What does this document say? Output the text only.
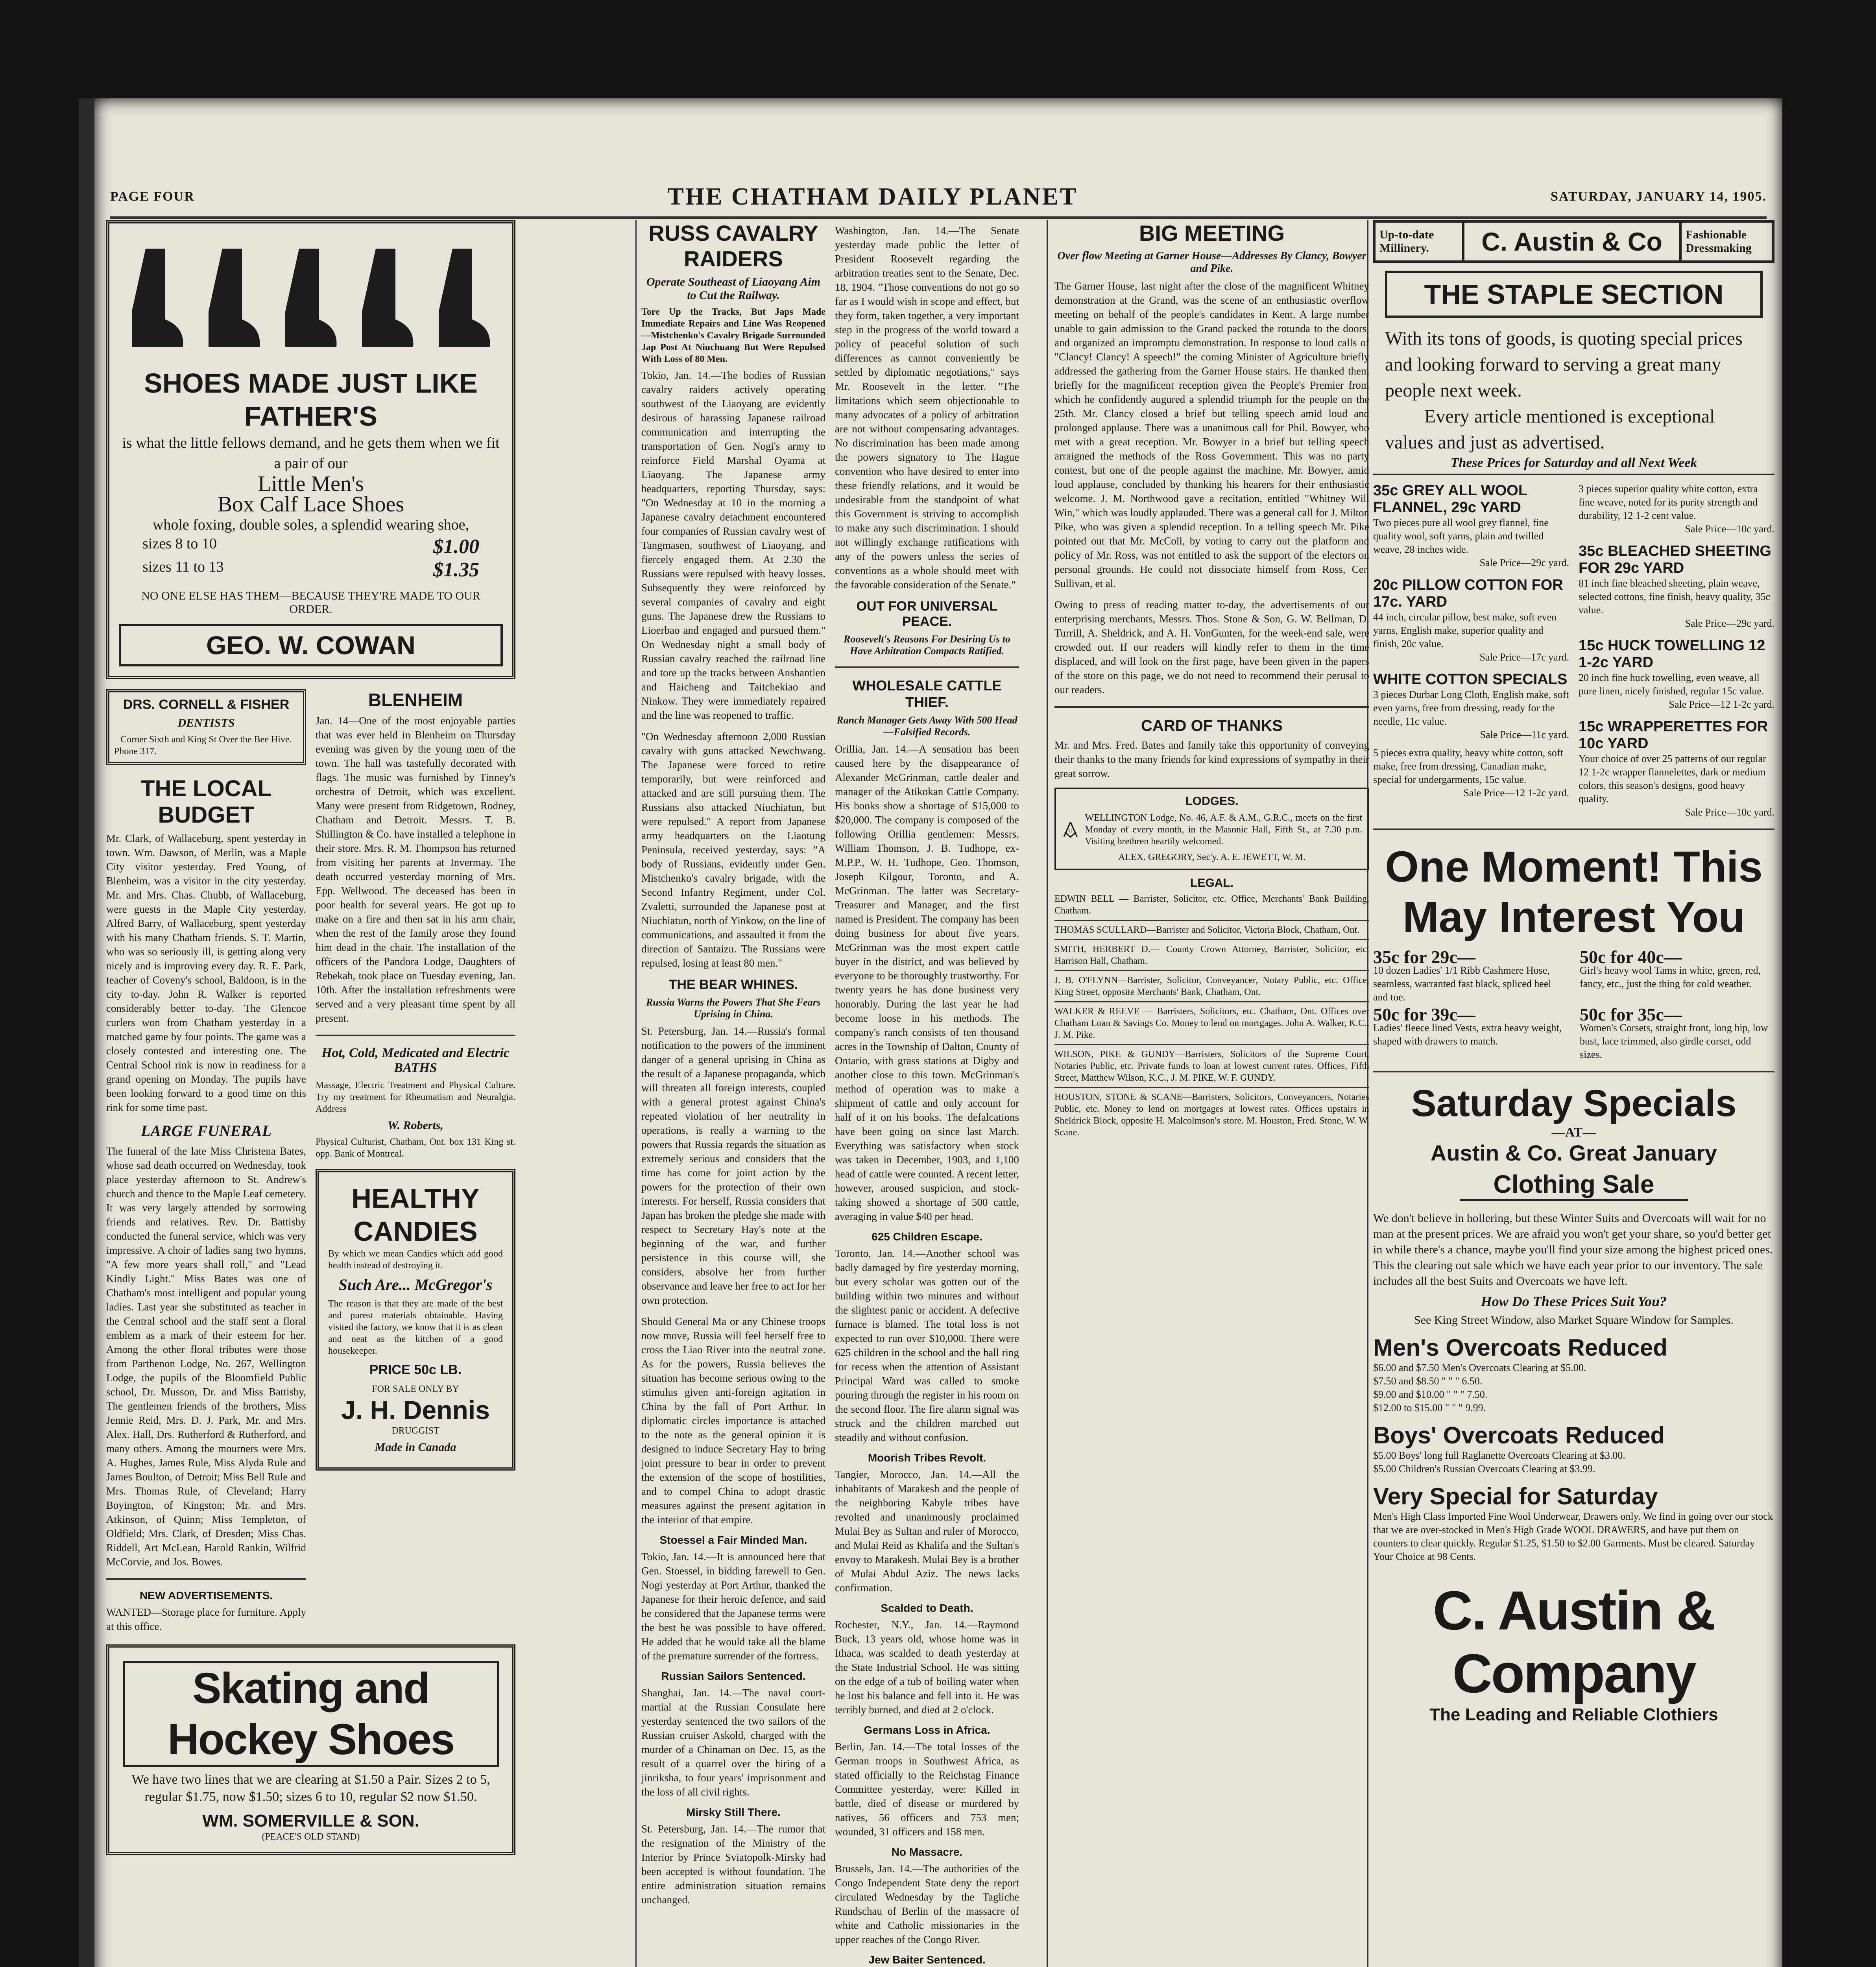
PAGE FOUR	THE CHATHAM DAILY PLANET	SATURDAY, JANUARY 14, 1905.
SHOES MADE JUST LIKE FATHER'S
is what the little fellows demand, and he gets them when we fit a pair of our
Little Men's
Box Calf Lace Shoes
whole foxing, double soles, a splendid wearing shoe,
sizes 8 to 10	$1.00
sizes 11 to 13	$1.35
NO ONE ELSE HAS THEM—BECAUSE THEY'RE MADE TO OUR ORDER.
GEO. W. COWAN
DRS. CORNELL & FISHER
DENTISTS
Corner Sixth and King St Over the Bee Hive.
Phone 317.
THE LOCAL BUDGET
Mr. Clark, of Wallaceburg, spent yesterday in town. Wm. Dawson, of Merlin, was a Maple City visitor yesterday. Fred Young, of Blenheim, was a visitor in the city yesterday. Mr. and Mrs. Chas. Chubb, of Wallaceburg, were guests in the Maple City yesterday. Alfred Barry, of Wallaceburg, spent yesterday with his many Chatham friends. S. T. Martin, who was so seriously ill, is getting along very nicely and is improving every day. R. E. Park, teacher of Coveny's school, Baldoon, is in the city to-day. John R. Walker is reported considerably better to-day. The Glencoe curlers won from Chatham yesterday in a matched game by four points. The game was a closely contested and interesting one. The Central School rink is now in readiness for a grand opening on Monday. The pupils have been looking forward to a good time on this rink for some time past.
LARGE FUNERAL
The funeral of the late Miss Christena Bates, whose sad death occurred on Wednesday, took place yesterday afternoon to St. Andrew's church and thence to the Maple Leaf cemetery. It was very largely attended by sorrowing friends and relatives. Rev. Dr. Battisby conducted the funeral service, which was very impressive. A choir of ladies sang two hymns, "A few more years shall roll," and "Lead Kindly Light." Miss Bates was one of Chatham's most intelligent and popular young ladies. Last year she substituted as teacher in the Central school and the staff sent a floral emblem as a mark of their esteem for her. Among the other floral tributes were those from Parthenon Lodge, No. 267, Wellington Lodge, the pupils of the Bloomfield Public school, Dr. Musson, Dr. and Miss Battisby, The gentlemen friends of the brothers, Miss Jennie Reid, Mrs. D. J. Park, Mr. and Mrs. Alex. Hall, Drs. Rutherford & Rutherford, and many others. Among the mourners were Mrs. A. Hughes, James Rule, Miss Alyda Rule and James Boulton, of Detroit; Miss Bell Rule and Mrs. Thomas Rule, of Cleveland; Harry Boyington, of Kingston; Mr. and Mrs. Atkinson, of Quinn; Miss Templeton, of Oldfield; Mrs. Clark, of Dresden; Miss Chas. Riddell, Art McLean, Harold Rankin, Wilfrid McCorvie, and Jos. Bowes.
NEW ADVERTISEMENTS.
WANTED—Storage place for furniture. Apply at this office.
BLENHEIM
Jan. 14—One of the most enjoyable parties that was ever held in Blenheim on Thursday evening was given by the young men of the town. The hall was tastefully decorated with flags. The music was furnished by Tinney's orchestra of Detroit, which was excellent. Many were present from Ridgetown, Rodney, Chatham and Detroit. Messrs. T. B. Shillington & Co. have installed a telephone in their store. Mrs. R. M. Thompson has returned from visiting her parents at Invermay. The death occurred yesterday morning of Mrs. Epp. Wellwood. The deceased has been in poor health for several years. He got up to make on a fire and then sat in his arm chair, when the rest of the family arose they found him dead in the chair. The installation of the officers of the Pandora Lodge, Daughters of Rebekah, took place on Tuesday evening, Jan. 10th. After the installation refreshments were served and a very pleasant time spent by all present.
Hot, Cold, Medicated and Electric BATHS
Massage, Electric Treatment and Physical Culture. Try my treatment for Rheumatism and Neuralgia. Address
W. Roberts,
Physical Culturist, Chatham, Ont. box 131 King st. opp. Bank of Montreal.
HEALTHY CANDIES
By which we mean Candies which add good health instead of destroying it.
Such Are... McGregor's
The reason is that they are made of the best and purest materials obtainable. Having visited the factory, we know that it is as clean and neat as the kitchen of a good housekeeper.
PRICE 50c LB.
FOR SALE ONLY BY
J. H. Dennis
DRUGGIST
Made in Canada
Skating and Hockey Shoes
We have two lines that we are clearing at $1.50 a Pair. Sizes 2 to 5, regular $1.75, now $1.50; sizes 6 to 10, regular $2 now $1.50.
WM. SOMERVILLE & SON.
(PEACE'S OLD STAND)
RUSS CAVALRY RAIDERS
Operate Southeast of Liaoyang Aim to Cut the Railway.
Tore Up the Tracks, But Japs Made Immediate Repairs and Line Was Reopened—Mistchenko's Cavalry Brigade Surrounded Jap Post At Niuchuang But Were Repulsed With Loss of 80 Men.
Tokio, Jan. 14.—The bodies of Russian cavalry raiders actively operating southwest of the Liaoyang are evidently desirous of harassing Japanese railroad communication and interrupting the transportation of Gen. Nogi's army to reinforce Field Marshal Oyama at Liaoyang. The Japanese army headquarters, reporting Thursday, says: "On Wednesday at 10 in the morning a Japanese cavalry detachment encountered four companies of Russian cavalry west of Tangmasen, southwest of Liaoyang, and fiercely engaged them. At 2.30 the Russians were repulsed with heavy losses. Subsequently they were reinforced by several companies of cavalry and eight guns. The Japanese drew the Russians to Lioerbao and engaged and pursued them." On Wednesday night a small body of Russian cavalry reached the railroad line and tore up the tracks between Anshantien and Haicheng and Taitchekiao and Ninkow. They were immediately repaired and the line was reopened to traffic.
"On Wednesday afternoon 2,000 Russian cavalry with guns attacked Newchwang. The Japanese were forced to retire temporarily, but were reinforced and attacked and are still pursuing them. The Russians also attacked Niuchiatun, but were repulsed." A report from Japanese army headquarters on the Liaotung Peninsula, received yesterday, says: "A body of Russians, evidently under Gen. Mistchenko's cavalry brigade, with the Second Infantry Regiment, under Col. Zvaletti, surrounded the Japanese post at Niuchiatun, north of Yinkow, on the line of communications, and assaulted it from the direction of Santaizu. The Russians were repulsed, losing at least 80 men."
THE BEAR WHINES.
Russia Warns the Powers That She Fears Uprising in China.
St. Petersburg, Jan. 14.—Russia's formal notification to the powers of the imminent danger of a general uprising in China as the result of a Japanese propaganda, which will threaten all foreign interests, coupled with a general protest against China's repeated violation of her neutrality in operations, is really a warning to the powers that Russia regards the situation as extremely serious and considers that the time has come for joint action by the powers for the protection of their own interests. For herself, Russia considers that Japan has broken the pledge she made with respect to Secretary Hay's note at the beginning of the war, and further persistence in this course will, she considers, absolve her from further observance and leave her free to act for her own protection.
Should General Ma or any Chinese troops now move, Russia will feel herself free to cross the Liao River into the neutral zone. As for the powers, Russia believes the situation has become serious owing to the stimulus given anti-foreign agitation in China by the fall of Port Arthur. In diplomatic circles importance is attached to the note as the general opinion it is designed to induce Secretary Hay to bring joint pressure to bear in order to prevent the extension of the scope of hostilities, and to compel China to adopt drastic measures against the present agitation in the interior of that empire.
Stoessel a Fair Minded Man.
Tokio, Jan. 14.—It is announced here that Gen. Stoessel, in bidding farewell to Gen. Nogi yesterday at Port Arthur, thanked the Japanese for their heroic defence, and said he considered that the Japanese terms were the best he was possible to have offered. He added that he would take all the blame of the premature surrender of the fortress.
Russian Sailors Sentenced.
Shanghai, Jan. 14.—The naval court-martial at the Russian Consulate here yesterday sentenced the two sailors of the Russian cruiser Askold, charged with the murder of a Chinaman on Dec. 15, as the result of a quarrel over the hiring of a jinriksha, to four years' imprisonment and the loss of all civil rights.
Mirsky Still There.
St. Petersburg, Jan. 14.—The rumor that the resignation of the Ministry of the Interior by Prince Sviatopolk-Mirsky had been accepted is without foundation. The entire administration situation remains unchanged.
Washington, Jan. 14.—The Senate yesterday made public the letter of President Roosevelt regarding the arbitration treaties sent to the Senate, Dec. 18, 1904. "Those conventions do not go so far as I would wish in scope and effect, but they form, taken together, a very important step in the progress of the world toward a policy of peaceful solution of such differences as cannot conveniently be settled by diplomatic negotiations," says Mr. Roosevelt in the letter. "The limitations which seem objectionable to many advocates of a policy of arbitration are not without compensating advantages. No discrimination has been made among the powers signatory to The Hague convention who have desired to enter into these friendly relations, and it would be undesirable from the standpoint of what this Government is striving to accomplish to make any such discrimination. I should not willingly exchange ratifications with any of the powers unless the series of conventions as a whole should meet with the favorable consideration of the Senate."
OUT FOR UNIVERSAL PEACE.
Roosevelt's Reasons For Desiring Us to Have Arbitration Compacts Ratified.
WHOLESALE CATTLE THIEF.
Ranch Manager Gets Away With 500 Head—Falsified Records.
Orillia, Jan. 14.—A sensation has been caused here by the disappearance of Alexander McGrinman, cattle dealer and manager of the Atikokan Cattle Company. His books show a shortage of $15,000 to $20,000. The company is composed of the following Orillia gentlemen: Messrs. William Thomson, J. B. Tudhope, ex-M.P.P., W. H. Tudhope, Geo. Thomson, Joseph Kilgour, Toronto, and A. McGrinman. The latter was Secretary-Treasurer and Manager, and the first named is President. The company has been doing business for about five years. McGrinman was the most expert cattle buyer in the district, and was believed by everyone to be thoroughly trustworthy. For twenty years he has done business very honorably. During the last year he had become loose in his methods. The company's ranch consists of ten thousand acres in the Township of Dalton, County of Ontario, with grass stations at Digby and another close to this town. McGrinman's method of operation was to make a shipment of cattle and only account for half of it on his books. The defalcations have been going on since last March. Everything was satisfactory when stock was taken in December, 1903, and 1,100 head of cattle were counted. A recent letter, however, aroused suspicion, and stock-taking showed a shortage of 500 cattle, averaging in value $40 per head.
625 Children Escape.
Toronto, Jan. 14.—Another school was badly damaged by fire yesterday morning, but every scholar was gotten out of the building within two minutes and without the slightest panic or accident. A defective furnace is blamed. The total loss is not expected to run over $10,000. There were 625 children in the school and the hall ring for recess when the attention of Assistant Principal Ward was called to smoke pouring through the register in his room on the second floor. The fire alarm signal was struck and the children marched out steadily and without confusion.
Moorish Tribes Revolt.
Tangier, Morocco, Jan. 14.—All the inhabitants of Marakesh and the people of the neighboring Kabyle tribes have revolted and unanimously proclaimed Mulai Bey as Sultan and ruler of Morocco, and Mulai Reid as Khalifa and the Sultan's envoy to Marakesh. Mulai Bey is a brother of Mulai Abdul Aziz. The news lacks confirmation.
Scalded to Death.
Rochester, N.Y., Jan. 14.—Raymond Buck, 13 years old, whose home was in Ithaca, was scalded to death yesterday at the State Industrial School. He was sitting on the edge of a tub of boiling water when he lost his balance and fell into it. He was terribly burned, and died at 2 o'clock.
Germans Loss in Africa.
Berlin, Jan. 14.—The total losses of the German troops in Southwest Africa, as stated officially to the Reichstag Finance Committee yesterday, were: Killed in battle, died of disease or murdered by natives, 56 officers and 753 men; wounded, 31 officers and 158 men.
No Massacre.
Brussels, Jan. 14.—The authorities of the Congo Independent State deny the report circulated Wednesday by the Tagliche Rundschau of Berlin of the massacre of white and Catholic missionaries in the upper reaches of the Congo River.
Jew Baiter Sentenced.
BIG MEETING
Over flow Meeting at Garner House—Addresses By Clancy, Bowyer and Pike.
The Garner House, last night after the close of the magnificent Whitney demonstration at the Grand, was the scene of an enthusiastic overflow meeting on behalf of the people's candidates in Kent. A large number unable to gain admission to the Grand packed the rotunda to the doors, and organized an impromptu demonstration. In response to loud calls of "Clancy! Clancy! A speech!" the coming Minister of Agriculture briefly addressed the gathering from the Garner House stairs. He thanked them briefly for the magnificent reception given the People's Premier from which he confidently augured a splendid triumph for the people on the 25th. Mr. Clancy closed a brief but telling speech amid loud and prolonged applause. There was a unanimous call for Phil. Bowyer, who met with a great reception. Mr. Bowyer in a brief but telling speech arraigned the methods of the Ross Government. This was no party contest, but one of the people against the machine. Mr. Bowyer, amid loud applause, concluded by thanking his hearers for their enthusiastic welcome. J. M. Northwood gave a recitation, entitled "Whitney Will Win," which was loudly applauded. There was a general call for J. Milton Pike, who was given a splendid reception. In a telling speech Mr. Pike pointed out that Mr. McColl, by voting to carry out the platform and policy of Mr. Ross, was not entitled to ask the support of the electors on personal grounds. He could not dissociate himself from Ross, Cer. Sullivan, et al.
Owing to press of reading matter to-day, the advertisements of our enterprising merchants, Messrs. Thos. Stone & Son, G. W. Bellman, D. Turrill, A. Sheldrick, and A. H. VonGunten, for the week-end sale, were crowded out. If our readers will kindly refer to them in the time displaced, and will look on the first page, have been given in the papers of the store on this page, we do not need to recommend their perusal to our readers.
CARD OF THANKS
Mr. and Mrs. Fred. Bates and family take this opportunity of conveying their thanks to the many friends for kind expressions of sympathy in their great sorrow.
LODGES.
G
WELLINGTON Lodge, No. 46, A.F. & A.M., G.R.C., meets on the first Monday of every month, in the Masonic Hall, Fifth St., at 7.30 p.m. Visiting brethren heartily welcomed.
ALEX. GREGORY, Sec'y. A. E. JEWETT, W. M.
LEGAL.
EDWIN BELL — Barrister, Solicitor, etc. Office, Merchants' Bank Building, Chatham.
THOMAS SCULLARD—Barrister and Solicitor, Victoria Block, Chatham, Ont.
SMITH, HERBERT D.— County Crown Attorney, Barrister, Solicitor, etc. Harrison Hall, Chatham.
J. B. O'FLYNN—Barrister, Solicitor, Conveyancer, Notary Public, etc. Office, King Street, opposite Merchants' Bank, Chatham, Ont.
WALKER & REEVE — Barristers, Solicitors, etc. Chatham, Ont. Offices over Chatham Loan & Savings Co. Money to lend on mortgages. John A. Walker, K.C., J. M. Pike.
WILSON, PIKE & GUNDY—Barristers, Solicitors of the Supreme Court, Notaries Public, etc. Private funds to loan at lowest current rates. Offices, Fifth Street, Matthew Wilson, K.C., J. M. PIKE, W. F. GUNDY.
HOUSTON, STONE & SCANE—Barristers, Solicitors, Conveyancers, Notaries Public, etc. Money to lend on mortgages at lowest rates. Offices upstairs in Sheldrick Block, opposite H. Malcolmson's store. M. Houston, Fred. Stone, W. W. Scane.
Up-to-date Millinery.	C. Austin & Co	Fashionable Dressmaking
THE STAPLE SECTION
With its tons of goods, is quoting special prices and looking forward to serving a great many people next week.
Every article mentioned is exceptional values and just as advertised.
These Prices for Saturday and all Next Week
35c GREY ALL WOOL FLANNEL, 29c YARD
Two pieces pure all wool grey flannel, fine quality wool, soft yarns, plain and twilled weave, 28 inches wide.
Sale Price—29c yard.
20c PILLOW COTTON FOR 17c. YARD
44 inch, circular pillow, best make, soft even yarns, English make, superior quality and finish, 20c value.
Sale Price—17c yard.
WHITE COTTON SPECIALS
3 pieces Durbar Long Cloth, English make, soft even yarns, free from dressing, ready for the needle, 11c value.
Sale Price—11c yard.
5 pieces extra quality, heavy white cotton, soft make, free from dressing, Canadian make, special for undergarments, 15c value.
Sale Price—12 1-2c yard.
3 pieces superior quality white cotton, extra fine weave, noted for its purity strength and durability, 12 1-2 cent value.
Sale Price—10c yard.
35c BLEACHED SHEETING FOR 29c YARD
81 inch fine bleached sheeting, plain weave, selected cottons, fine finish, heavy quality, 35c value.
Sale Price—29c yard.
15c HUCK TOWELLING 12 1-2c YARD
20 inch fine huck towelling, even weave, all pure linen, nicely finished, regular 15c value.
Sale Price—12 1-2c yard.
15c WRAPPERETTES FOR 10c YARD
Your choice of over 25 patterns of our regular 12 1-2c wrapper flannelettes, dark or medium colors, this season's designs, good heavy quality.
Sale Price—10c yard.
One Moment! This May Interest You
35c for 29c—
10 dozen Ladies' 1/1 Ribb Cashmere Hose, seamless, warranted fast black, spliced heel and toe.
50c for 40c—
Girl's heavy wool Tams in white, green, red, fancy, etc., just the thing for cold weather.
50c for 39c—
Ladies' fleece lined Vests, extra heavy weight, shaped with drawers to match.
50c for 35c—
Women's Corsets, straight front, long hip, low bust, lace trimmed, also girdle corset, odd sizes.
Saturday Specials
—AT—
Austin & Co. Great January
Clothing Sale
We don't believe in hollering, but these Winter Suits and Overcoats will wait for no man at the present prices. We are afraid you won't get your share, so you'd better get in while there's a chance, maybe you'll find your size among the highest priced ones. This the clearing out sale which we have each year prior to our inventory. The sale includes all the best Suits and Overcoats we have left.
How Do These Prices Suit You?
See King Street Window, also Market Square Window for Samples.
Men's Overcoats Reduced
$6.00 and $7.50 Men's Overcoats Clearing at $5.00.
$7.50 and $8.50 " " " 6.50.
$9.00 and $10.00 " " " 7.50.
$12.00 to $15.00 " " " 9.99.
Boys' Overcoats Reduced
$5.00 Boys' long full Raglanette Overcoats Clearing at $3.00.
$5.00 Children's Russian Overcoats Clearing at $3.99.
Very Special for Saturday
Men's High Class Imported Fine Wool Underwear, Drawers only. We find in going over our stock that we are over-stocked in Men's High Grade WOOL DRAWERS, and have put them on counters to clear quickly. Regular $1.25, $1.50 to $2.00 Garments. Must be cleared. Saturday Your Choice at 98 Cents.
C. Austin & Company
The Leading and Reliable Clothiers
